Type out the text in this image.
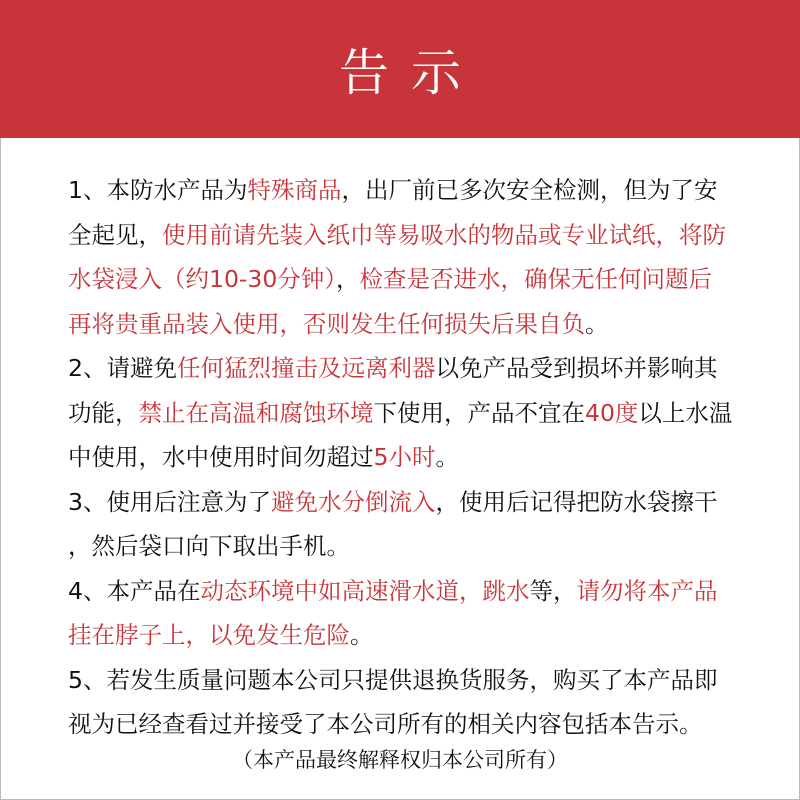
告示
1、本防水产品为特殊商品，出厂前已多次安全检测，但为了安
全起见，使用前请先装入纸巾等易吸水的物品或专业试纸，将防
水袋浸入（约10-30分钟），检查是否进水，确保无任何问题后
再将贵重品装入使用，否则发生任何损失后果自负。
2、请避免任何猛烈撞击及远离利器以免产品受到损坏并影响其
功能，禁止在高温和腐蚀环境下使用，产品不宜在40度以上水温
中使用，水中使用时间勿超过5小时。
3、使用后注意为了避免水分倒流入，使用后记得把防水袋擦干
，然后袋口向下取出手机。
4、本产品在动态环境中如高速滑水道，跳水等，请勿将本产品
挂在脖子上，以免发生危险。
5、若发生质量问题本公司只提供退换货服务，购买了本产品即
视为已经查看过并接受了本公司所有的相关内容包括本告示。
（本产品最终解释权归本公司所有）
